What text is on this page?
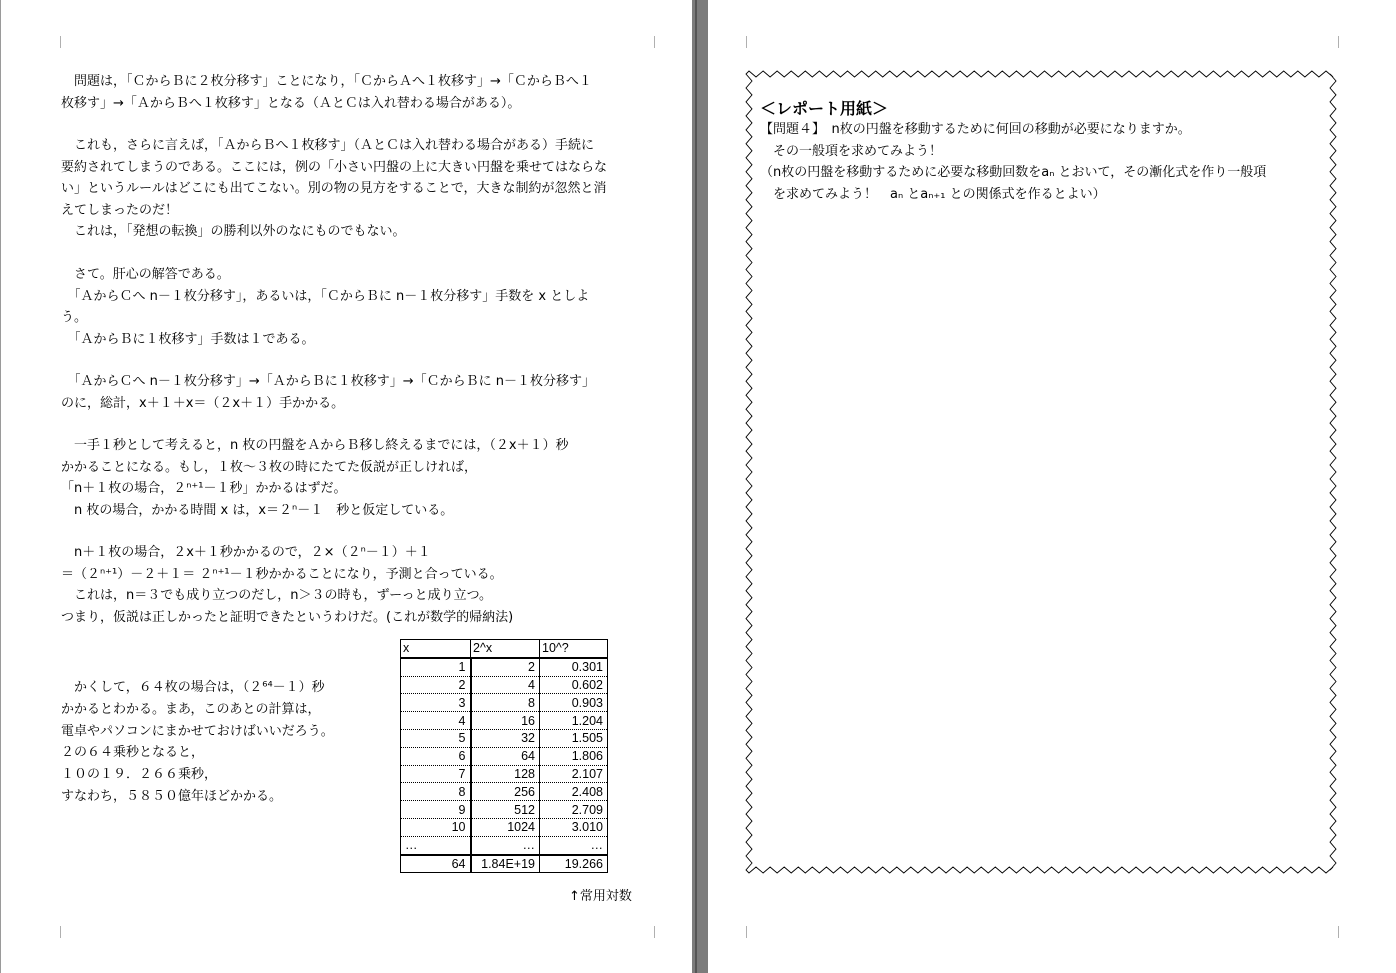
　問題は，「ＣからＢに２枚分移す」ことになり，「ＣからＡへ１枚移す」→「ＣからＢへ１
枚移す」→「ＡからＢへ１枚移す」となる（ＡとＣは入れ替わる場合がある）。
　これも，さらに言えば，「ＡからＢへ１枚移す」（ＡとＣは入れ替わる場合がある）手続に
要約されてしまうのである。ここには，例の「小さい円盤の上に大きい円盤を乗せてはならな
い」というルールはどこにも出てこない。別の物の見方をすることで，大きな制約が忽然と消
えてしまったのだ！
　これは，「発想の転換」の勝利以外のなにものでもない。
　さて。肝心の解答である。
　「ＡからＣへ n－１枚分移す」，あるいは，「ＣからＢに n－１枚分移す」手数を x としよ
う。
　「ＡからＢに１枚移す」手数は１である。
　「ＡからＣへ n－１枚分移す」→「ＡからＢに１枚移す」→「ＣからＢに n－１枚分移す」
のに，総計，x＋１＋x＝（２x＋１）手かかる。
　一手１秒として考えると，n 枚の円盤をＡからＢ移し終えるまでには，（２x＋１）秒
かかることになる。もし，１枚～３枚の時にたてた仮説が正しければ，
「n＋１枚の場合，２ⁿ⁺¹－１秒」かかるはずだ。
　n 枚の場合，かかる時間 x は，x＝２ⁿ－１　秒と仮定している。
　n＋１枚の場合，２x＋１秒かかるので，２×（２ⁿ－１）＋１
＝（２ⁿ⁺¹）－２＋１＝ ２ⁿ⁺¹－１秒かかることになり，予測と合っている。
　これは，n＝３でも成り立つのだし，n＞３の時も，ずーっと成り立つ。
つまり，仮説は正しかったと証明できたというわけだ。(これが数学的帰納法)
　かくして，６４枚の場合は，（２⁶⁴－１）秒
かかるとわかる。まあ，このあとの計算は，
電卓やパソコンにまかせておけばいいだろう。
２の６４乗秒となると，
１０の１９．２６６乗秒，
すなわち，５８５０億年ほどかかる。
x	2^x	10^?
1	2	0.301
2	4	0.602
3	8	0.903
4	16	1.204
5	32	1.505
6	64	1.806
7	128	2.107
8	256	2.408
9	512	2.709
10	1024	3.010
…	…	…
64	1.84E+19	19.266
↑常用対数
＜レポート用紙＞
【問題４】　n枚の円盤を移動するために何回の移動が必要になりますか。
　その一般項を求めてみよう！
（n枚の円盤を移動するために必要な移動回数をaₙ とおいて，その漸化式を作り一般項
　を求めてみよう！　aₙ とaₙ₊₁ との関係式を作るとよい）
